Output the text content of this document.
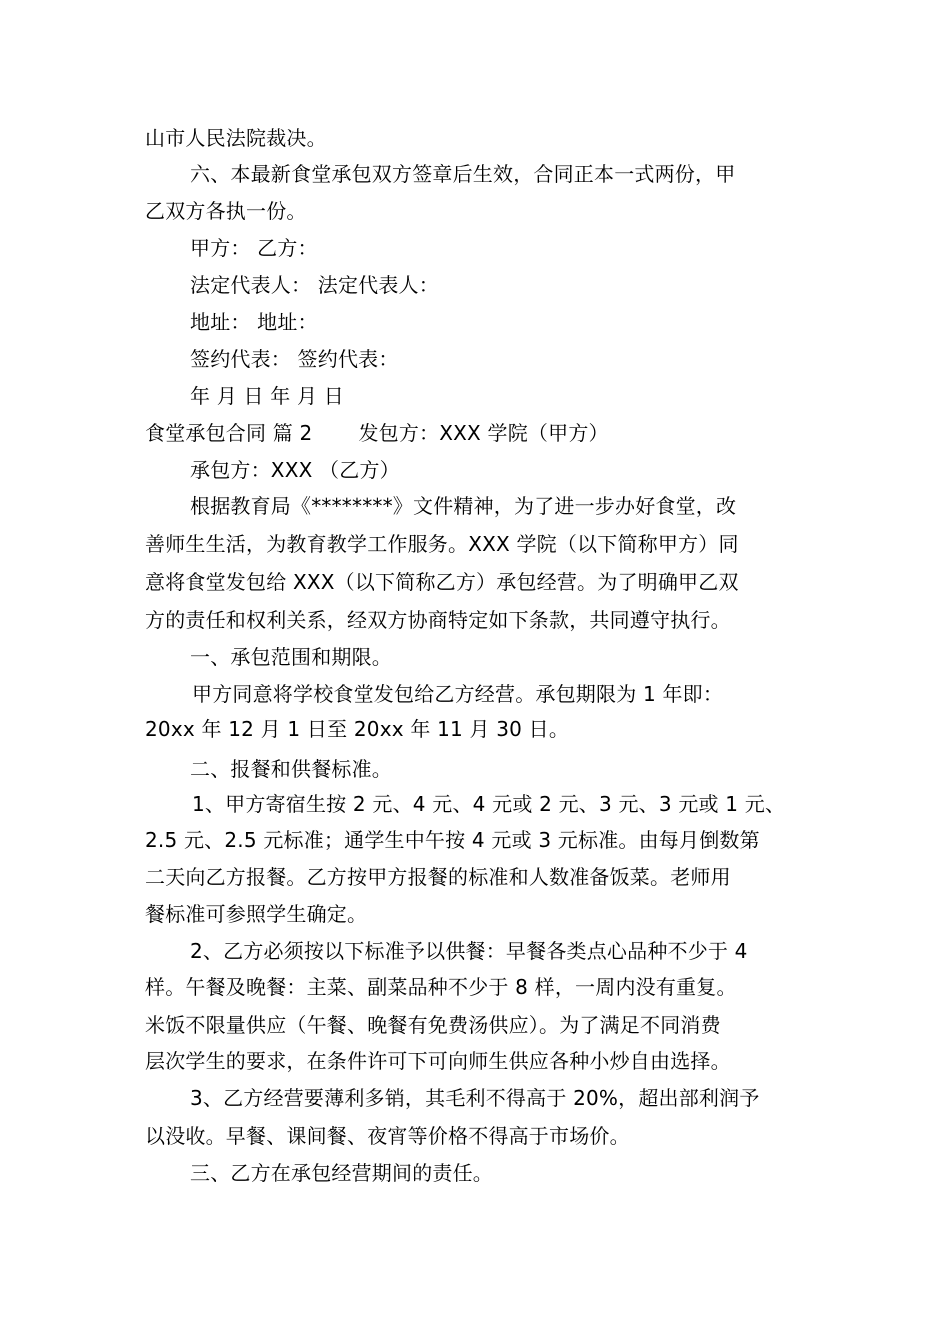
山市人民法院裁决。
六、本最新食堂承包双方签章后生效，合同正本一式两份，甲
乙双方各执一份。
甲方： 乙方：
法定代表人： 法定代表人：
地址： 地址：
签约代表： 签约代表：
年 月 日 年 月 日
食堂承包合同 篇 2 发包方：XXX 学院（甲方）
承包方：XXX （乙方）
根据教育局《********》文件精神，为了进一步办好食堂，改
善师生生活，为教育教学工作服务。XXX 学院（以下简称甲方）同
意将食堂发包给 XXX（以下简称乙方）承包经营。为了明确甲乙双
方的责任和权利关系，经双方协商特定如下条款，共同遵守执行。
一、承包范围和期限。
甲方同意将学校食堂发包给乙方经营。承包期限为 1 年即：
20xx 年 12 月 1 日至 20xx 年 11 月 30 日。
二、报餐和供餐标准。
1、甲方寄宿生按 2 元、4 元、4 元或 2 元、3 元、3 元或 1 元、
2.5 元、2.5 元标准；通学生中午按 4 元或 3 元标准。由每月倒数第
二天向乙方报餐。乙方按甲方报餐的标准和人数准备饭菜。老师用
餐标准可参照学生确定。
2、乙方必须按以下标准予以供餐：早餐各类点心品种不少于 4
样。午餐及晚餐：主菜、副菜品种不少于 8 样，一周内没有重复。
米饭不限量供应（午餐、晚餐有免费汤供应）。为了满足不同消费
层次学生的要求，在条件许可下可向师生供应各种小炒自由选择。
3、乙方经营要薄利多销，其毛利不得高于 20%，超出部利润予
以没收。早餐、课间餐、夜宵等价格不得高于市场价。
三、乙方在承包经营期间的责任。
